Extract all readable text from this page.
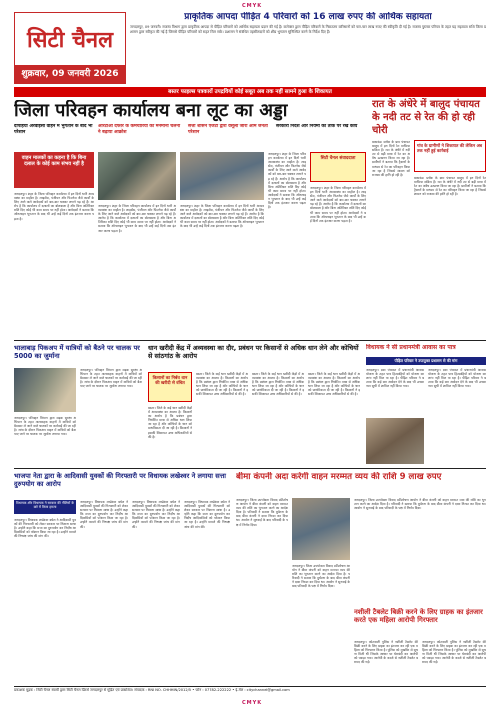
CMYK
CMYK
सिटी चैनल
शुक्रवार, 09 जनवरी 2026
प्राकृतिक आपदा पीड़ित 4 परिवारों को 16 लाख रुपए की आर्थिक सहायता
जगदलपुर, 09 जनवरी। राजस्व विभाग द्वारा प्राकृतिक आपदा से पीड़ित परिवारों को आर्थिक सहायता प्रदान की गई है। कलेक्टर द्वारा पीड़ित परिवारों के निकटतम वारिसानों को चार-चार लाख रुपए की स्वीकृति दी गई है। राजस्व पुस्तक परिपत्र के तहत यह सहायता राशि जिला प्रशासन द्वारा स्वीकृत की गई है जिससे पीड़ित परिवारों को राहत मिल सके। प्रशासन ने संबंधित तहसीलदारों को शीघ्र भुगतान सुनिश्चित करने के निर्देश दिए हैं।
बस्तर फाइल्स पत्रकारों उपद्रवियों कोई सबूत अब तक नहीं सामने हुआ के शिकायत
जिला परिवहन कार्यालय बना लूट का अड्डा	रात के अंधेरे में बालुद पंचायत के नदी तट से रेत की हो रही चोरी
दोपहिया अरवाईसी वाहन में भुगतान के बाद भी परेशान
आरटीओ दफ्तर के कर्मचारियों की मनमानी चलनी ने बढ़ाया आक्रोश
सत्ता शासन एजेंटों द्वारा वसूली जारी आम जनता परेशान
सरकारी निर्देश और नियमों को ताक पर रख कार्य
वाहन मालकों का कहना है कि बिना दलाल के कोई काम संभव नहीं है
सिटी चैनल संवाददाता
जगदलपुर। शहर के जिला परिवहन कार्यालय में इन दिनों भारी अव्यवस्था का माहौल है। लाइसेंस, पंजीयन और फिटनेस जैसे कार्यों के लिए आने वाले आवेदकों को बार-बार चक्कर लगाने पड़ रहे हैं। आरोप है कि कार्यालय में दलालों का बोलबाला है और बिना अतिरिक्त राशि दिए कोई भी काम समय पर नहीं होता। आवेदकों ने बताया कि ऑनलाइन भुगतान के बाद भी उन्हें कई दिनों तक इंतजार करना पड़ता है।
जगदलपुर। शहर के जिला परिवहन कार्यालय में इन दिनों भारी अव्यवस्था का माहौल है। लाइसेंस, पंजीयन और फिटनेस जैसे कार्यों के लिए आने वाले आवेदकों को बार-बार चक्कर लगाने पड़ रहे हैं। आरोप है कि कार्यालय में दलालों का बोलबाला है और बिना अतिरिक्त राशि दिए कोई भी काम समय पर नहीं होता। आवेदकों ने बताया कि ऑनलाइन भुगतान के बाद भी उन्हें कई दिनों तक इंतजार करना पड़ता है।
जगदलपुर। शहर के जिला परिवहन कार्यालय में इन दिनों भारी अव्यवस्था का माहौल है। लाइसेंस, पंजीयन और फिटनेस जैसे कार्यों के लिए आने वाले आवेदकों को बार-बार चक्कर लगाने पड़ रहे हैं। आरोप है कि कार्यालय में दलालों का बोलबाला है और बिना अतिरिक्त राशि दिए कोई भी काम समय पर नहीं होता। आवेदकों ने बताया कि ऑनलाइन भुगतान के बाद भी उन्हें कई दिनों तक इंतजार करना पड़ता है।
जगदलपुर। शहर के जिला परिवहन कार्यालय में इन दिनों भारी अव्यवस्था का माहौल है। लाइसेंस, पंजीयन और फिटनेस जैसे कार्यों के लिए आने वाले आवेदकों को बार-बार चक्कर लगाने पड़ रहे हैं। आरोप है कि कार्यालय में दलालों का बोलबाला है और बिना अतिरिक्त राशि दिए कोई भी काम समय पर नहीं होता। आवेदकों ने बताया कि ऑनलाइन भुगतान के बाद भी उन्हें कई दिनों तक इंतजार करना पड़ता है।
जगदलपुर। शहर के जिला परिवहन कार्यालय में इन दिनों भारी अव्यवस्था का माहौल है। लाइसेंस, पंजीयन और फिटनेस जैसे कार्यों के लिए आने वाले आवेदकों को बार-बार चक्कर लगाने पड़ रहे हैं। आरोप है कि कार्यालय में दलालों का बोलबाला है और बिना अतिरिक्त राशि दिए कोई भी काम समय पर नहीं होता। आवेदकों ने बताया कि ऑनलाइन भुगतान के बाद भी उन्हें कई दिनों तक इंतजार करना पड़ता है।
गांव के ग्रामीणों ने शिकायत की लेकिन अब तक नहीं हुई कार्रवाई
बकावंड। ब्लॉक के ग्राम पंचायत बालुद में इन दिनों रेत माफिया सक्रिय हैं। रात के अंधेरे में नदी तट से बड़ी मात्रा में रेत का अवैध उत्खनन किया जा रहा है। ग्रामीणों ने बताया कि ट्रैक्टरों के माध्यम से रेत का परिवहन किया जा रहा है जिससे शासन को राजस्व की हानि हो रही है।
बकावंड। ब्लॉक के ग्राम पंचायत बालुद में इन दिनों रेत माफिया सक्रिय हैं। रात के अंधेरे में नदी तट से बड़ी मात्रा में रेत का अवैध उत्खनन किया जा रहा है। ग्रामीणों ने बताया कि ट्रैक्टरों के माध्यम से रेत का परिवहन किया जा रहा है जिससे शासन को राजस्व की हानि हो रही है।
भालाबाड़ पिकअप में यात्रियों को बैठने पर चालक पर 5000 का जुर्माना
जगदलपुर। परिवहन विभाग द्वारा सड़क सुरक्षा अभियान के तहत मालवाहक वाहनों में यात्रियों को बैठाकर ले जाने वाले चालकों पर कार्रवाई की जा रही है। जांच के दौरान पिकअप वाहन में यात्रियों को बैठा पाए जाने पर चालक पर जुर्माना लगाया गया।
जगदलपुर। परिवहन विभाग द्वारा सड़क सुरक्षा अभियान के तहत मालवाहक वाहनों में यात्रियों को बैठाकर ले जाने वाले चालकों पर कार्रवाई की जा रही है। जांच के दौरान पिकअप वाहन में यात्रियों को बैठा पाए जाने पर चालक पर जुर्माना लगाया गया।
धान खरीदी केंद्र में अव्यवस्था का दौर, प्रबंधन पर किसानों से अधिक धान लेने और कोचियों से सांठगांठ के आरोप
किसानों का निर्बंध धान की खरीदी से वंचित
बस्तर। जिले के कई धान खरीदी केंद्रों में अव्यवस्था का आलम है। किसानों का आरोप है कि प्रबंधन द्वारा निर्धारित मात्रा से अधिक धान लिया जा रहा है और कोचियों के धान को प्राथमिकता दी जा रही है। किसानों ने इसकी शिकायत उच्च अधिकारियों से की है।
बस्तर। जिले के कई धान खरीदी केंद्रों में अव्यवस्था का आलम है। किसानों का आरोप है कि प्रबंधन द्वारा निर्धारित मात्रा से अधिक धान लिया जा रहा है और कोचियों के धान को प्राथमिकता दी जा रही है। किसानों ने इसकी शिकायत उच्च अधिकारियों से की है।
बस्तर। जिले के कई धान खरीदी केंद्रों में अव्यवस्था का आलम है। किसानों का आरोप है कि प्रबंधन द्वारा निर्धारित मात्रा से अधिक धान लिया जा रहा है और कोचियों के धान को प्राथमिकता दी जा रही है। किसानों ने इसकी शिकायत उच्च अधिकारियों से की है।
बस्तर। जिले के कई धान खरीदी केंद्रों में अव्यवस्था का आलम है। किसानों का आरोप है कि प्रबंधन द्वारा निर्धारित मात्रा से अधिक धान लिया जा रहा है और कोचियों के धान को प्राथमिकता दी जा रही है। किसानों ने इसकी शिकायत उच्च अधिकारियों से की है।
विधायक ने सी प्रधानमंत्री आवास का पात्र
पीड़ित परिवार ने उपायुक्त प्रशासन से की मांग
जगदलपुर। ग्राम पंचायत में प्रधानमंत्री आवास योजना के तहत पात्र हितग्राहियों को योजना का लाभ नहीं मिल पा रहा है। पीड़ित परिवार ने बताया कि कई बार आवेदन देने के बाद भी उनका नाम सूची में शामिल नहीं किया गया।
जगदलपुर। ग्राम पंचायत में प्रधानमंत्री आवास योजना के तहत पात्र हितग्राहियों को योजना का लाभ नहीं मिल पा रहा है। पीड़ित परिवार ने बताया कि कई बार आवेदन देने के बाद भी उनका नाम सूची में शामिल नहीं किया गया।
भाजपा नेता द्वारा के आदिवासी युवकों की गिरफ्तारी पर विधायक लखेश्वर ने लगाया सत्ता दुरुपयोग का आरोप
विधायक और विधायक ने सरकार की नीतियों के बारे में किया हमला
जगदलपुर। विधायक लखेश्वर बघेल ने आदिवासी युवकों की गिरफ्तारी को लेकर सरकार पर निशाना साधा है। उन्होंने कहा कि सत्ता का दुरुपयोग कर निर्दोष आदिवासियों को परेशान किया जा रहा है। उन्होंने मामले की निष्पक्ष जांच की मांग की।
जगदलपुर। विधायक लखेश्वर बघेल ने आदिवासी युवकों की गिरफ्तारी को लेकर सरकार पर निशाना साधा है। उन्होंने कहा कि सत्ता का दुरुपयोग कर निर्दोष आदिवासियों को परेशान किया जा रहा है। उन्होंने मामले की निष्पक्ष जांच की मांग की।
जगदलपुर। विधायक लखेश्वर बघेल ने आदिवासी युवकों की गिरफ्तारी को लेकर सरकार पर निशाना साधा है। उन्होंने कहा कि सत्ता का दुरुपयोग कर निर्दोष आदिवासियों को परेशान किया जा रहा है। उन्होंने मामले की निष्पक्ष जांच की मांग की।
जगदलपुर। विधायक लखेश्वर बघेल ने आदिवासी युवकों की गिरफ्तारी को लेकर सरकार पर निशाना साधा है। उन्होंने कहा कि सत्ता का दुरुपयोग कर निर्दोष आदिवासियों को परेशान किया जा रहा है। उन्होंने मामले की निष्पक्ष जांच की मांग की।
बीमा कंपनी अदा करेगी वाहन मरम्मत व्यय की राशि 9 लाख रुपए
जगदलपुर। जिला उपभोक्ता विवाद प्रतितोषण आयोग ने बीमा कंपनी को वाहन मरम्मत व्यय की राशि का भुगतान करने का आदेश दिया है। परिवादी ने बताया कि दुर्घटना के बाद बीमा कंपनी ने दावा निरस्त कर दिया था। आयोग ने सुनवाई के बाद परिवादी के पक्ष में निर्णय दिया।
जगदलपुर। जिला उपभोक्ता विवाद प्रतितोषण आयोग ने बीमा कंपनी को वाहन मरम्मत व्यय की राशि का भुगतान करने का आदेश दिया है। परिवादी ने बताया कि दुर्घटना के बाद बीमा कंपनी ने दावा निरस्त कर दिया था। आयोग ने सुनवाई के बाद परिवादी के पक्ष में निर्णय दिया।
नशीली टैबलेट बिक्री करने के लिए ग्राहक का इंतजार करते एक महिला आरोपी गिरफ्तार
जगदलपुर। जिला उपभोक्ता विवाद प्रतितोषण आयोग ने बीमा कंपनी को वाहन मरम्मत व्यय की राशि का भुगतान करने का आदेश दिया है। परिवादी ने बताया कि दुर्घटना के बाद बीमा कंपनी ने दावा निरस्त कर दिया था। आयोग ने सुनवाई के बाद परिवादी के पक्ष में निर्णय दिया।
जगदलपुर। कोतवाली पुलिस ने नशीली टैबलेट की बिक्री करने के लिए ग्राहक का इंतजार कर रही एक महिला को गिरफ्तार किया है। पुलिस को मुखबिर से सूचना मिली थी जिसके आधार पर घेराबंदी कर आरोपी को पकड़ा गया। आरोपी के कब्जे से नशीली टैबलेट बरामद की गई।
जगदलपुर। कोतवाली पुलिस ने नशीली टैबलेट की बिक्री करने के लिए ग्राहक का इंतजार कर रही एक महिला को गिरफ्तार किया है। पुलिस को मुखबिर से सूचना मिली थी जिसके आधार पर घेराबंदी कर आरोपी को पकड़ा गया। आरोपी के कब्जे से नशीली टैबलेट बरामद की गई।
प्रकाशक मुद्रक : सिटी चैनल स्वामी द्वारा सिटी चैनल प्रिंटर्स जगदलपुर से मुद्रित एवं प्रकाशित। संपादक : RNI NO. CHHHIN/2012/5 • फोन : 07782-222222 • ई-मेल : citychannel@gmail.com
